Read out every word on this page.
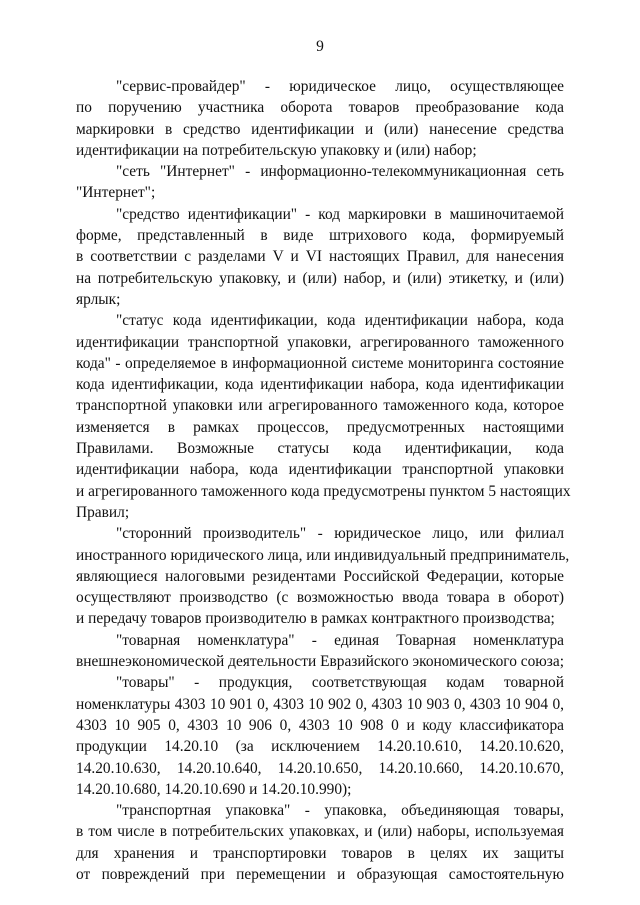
9
"сервис-провайдер" - юридическое лицо, осуществляющее
по поручению участника оборота товаров преобразование кода
маркировки в средство идентификации и (или) нанесение средства
идентификации на потребительскую упаковку и (или) набор;
"сеть "Интернет" - информационно-телекоммуникационная сеть
"Интернет";
"средство идентификации" - код маркировки в машиночитаемой
форме, представленный в виде штрихового кода, формируемый
в соответствии с разделами V и VI настоящих Правил, для нанесения
на потребительскую упаковку, и (или) набор, и (или) этикетку, и (или)
ярлык;
"статус кода идентификации, кода идентификации набора, кода
идентификации транспортной упаковки, агрегированного таможенного
кода" - определяемое в информационной системе мониторинга состояние
кода идентификации, кода идентификации набора, кода идентификации
транспортной упаковки или агрегированного таможенного кода, которое
изменяется в рамках процессов, предусмотренных настоящими
Правилами. Возможные статусы кода идентификации, кода
идентификации набора, кода идентификации транспортной упаковки
и агрегированного таможенного кода предусмотрены пунктом 5 настоящих
Правил;
"сторонний производитель" - юридическое лицо, или филиал
иностранного юридического лица, или индивидуальный предприниматель,
являющиеся налоговыми резидентами Российской Федерации, которые
осуществляют производство (с возможностью ввода товара в оборот)
и передачу товаров производителю в рамках контрактного производства;
"товарная номенклатура" - единая Товарная номенклатура
внешнеэкономической деятельности Евразийского экономического союза;
"товары" - продукция, соответствующая кодам товарной
номенклатуры 4303 10 901 0, 4303 10 902 0, 4303 10 903 0, 4303 10 904 0,
4303 10 905 0, 4303 10 906 0, 4303 10 908 0 и коду классификатора
продукции 14.20.10 (за исключением 14.20.10.610, 14.20.10.620,
14.20.10.630, 14.20.10.640, 14.20.10.650, 14.20.10.660, 14.20.10.670,
14.20.10.680, 14.20.10.690 и 14.20.10.990);
"транспортная упаковка" - упаковка, объединяющая товары,
в том числе в потребительских упаковках, и (или) наборы, используемая
для хранения и транспортировки товаров в целях их защиты
от повреждений при перемещении и образующая самостоятельную
